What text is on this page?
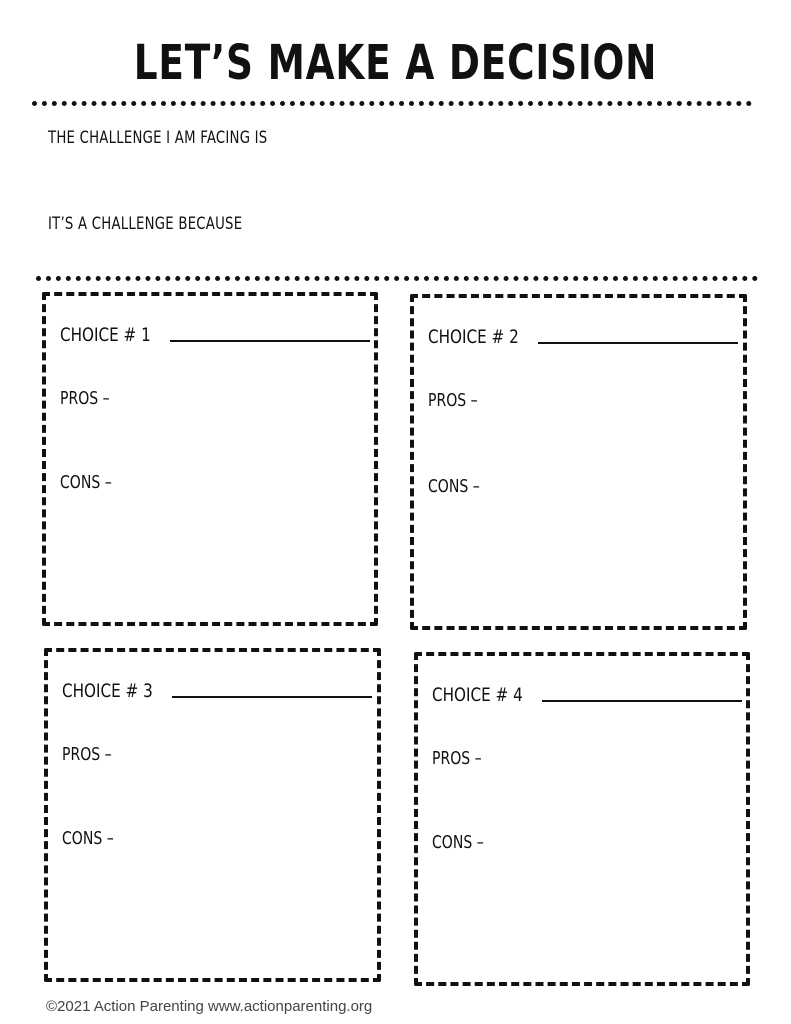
LET’S MAKE A DECISION
THE CHALLENGE I AM FACING IS
IT’S A CHALLENGE BECAUSE
CHOICE # 1
PROS –
CONS –
CHOICE # 2
PROS –
CONS –
CHOICE # 3
PROS –
CONS –
CHOICE # 4
PROS –
CONS –
©2021 Action Parenting www.actionparenting.org
